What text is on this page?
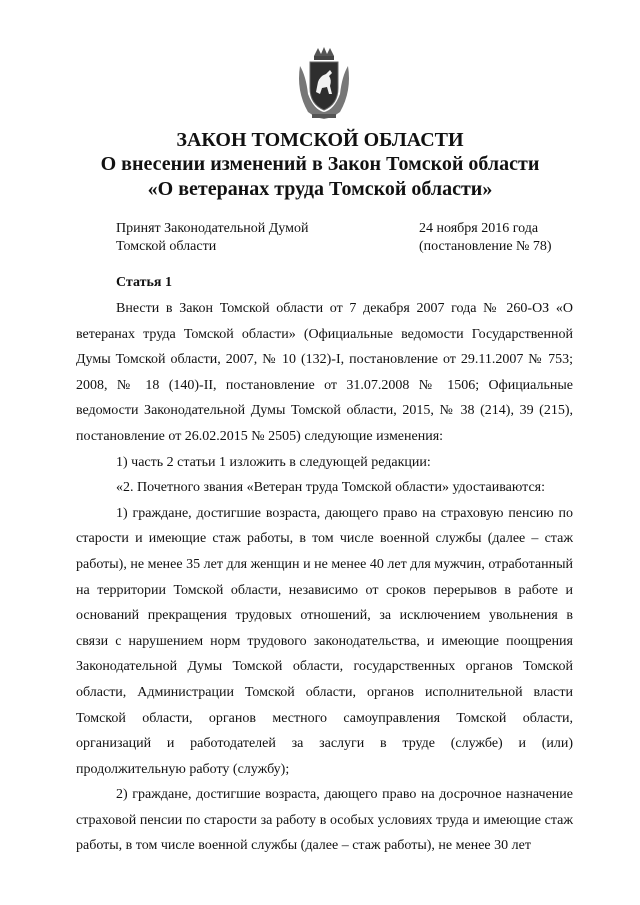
ЗАКОН ТОМСКОЙ ОБЛАСТИ
О внесении изменений в Закон Томской области
«О ветеранах труда Томской области»
Принят Законодательной Думой
Томской области
24 ноября 2016 года
(постановление № 78)
Статья 1

Внести в Закон Томской области от 7 декабря 2007 года № 260-ОЗ «О ветеранах труда Томской области» (Официальные ведомости Государственной Думы Томской области, 2007, № 10 (132)-I, постановление от 29.11.2007 № 753; 2008, № 18 (140)-II, постановление от 31.07.2008 № 1506; Официальные ведомости Законодательной Думы Томской области, 2015, № 38 (214), 39 (215), постановление от 26.02.2015 № 2505) следующие изменения:

1) часть 2 статьи 1 изложить в следующей редакции:

«2. Почетного звания «Ветеран труда Томской области» удостаиваются:

1) граждане, достигшие возраста, дающего право на страховую пенсию по старости и имеющие стаж работы, в том числе военной службы (далее – стаж работы), не менее 35 лет для женщин и не менее 40 лет для мужчин, отработанный на территории Томской области, независимо от сроков перерывов в работе и оснований прекращения трудовых отношений, за исключением увольнения в связи с нарушением норм трудового законодательства, и имеющие поощрения Законодательной Думы Томской области, государственных органов Томской области, Администрации Томской области, органов исполнительной власти Томской области, органов местного самоуправления Томской области, организаций и работодателей за заслуги в труде (службе) и (или) продолжительную работу (службу);

2) граждане, достигшие возраста, дающего право на досрочное назначение страховой пенсии по старости за работу в особых условиях труда и имеющие стаж работы, в том числе военной службы (далее – стаж работы), не менее 30 лет
